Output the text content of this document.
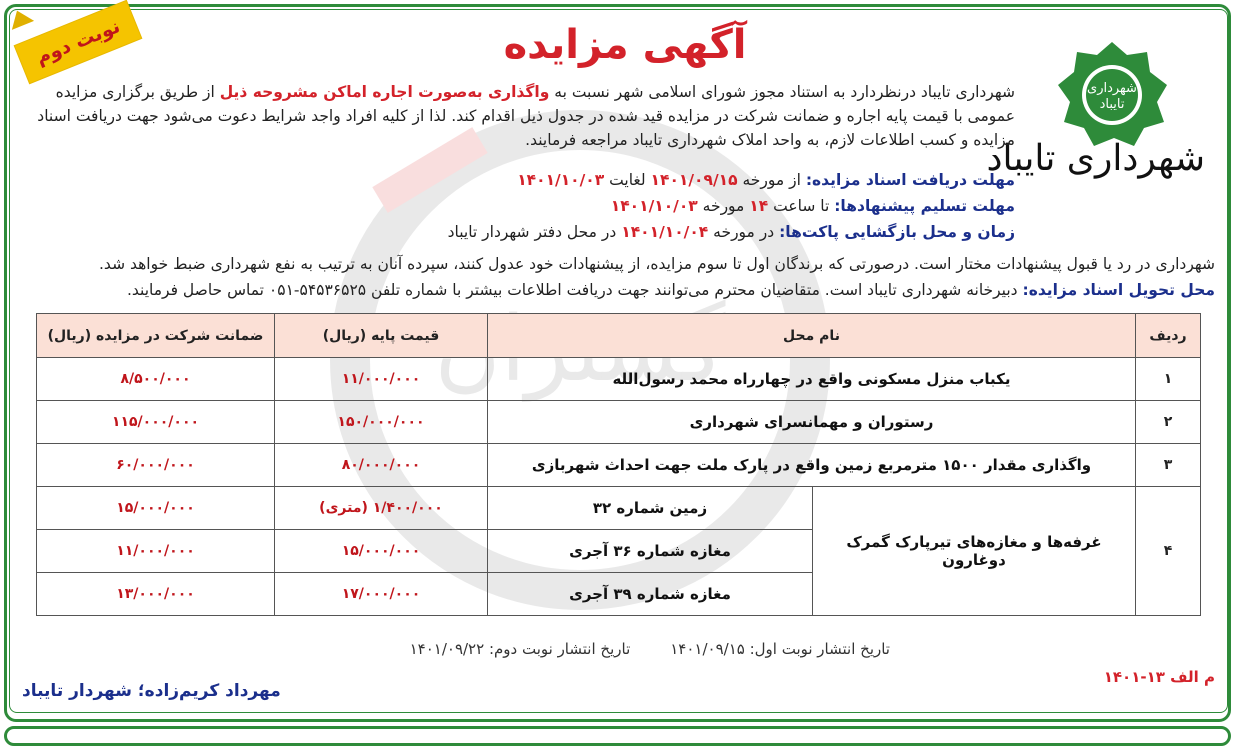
نوبت دوم
شهرداری
تایباد
شهرداری تایباد
آگهی مزایده
شهرداری تایباد درنظردارد به استناد مجوز شورای اسلامی شهر نسبت به واگذاری به‌صورت اجاره اماکن مشروحه ذیل از طریق برگزاری مزایده عمومی با قیمت پایه اجاره و ضمانت شرکت در مزایده قید شده در جدول ذیل اقدام کند. لذا از کلیه افراد واجد شرایط دعوت می‌شود جهت دریافت اسناد مزایده و کسب اطلاعات لازم، به واحد املاک شهرداری تایباد مراجعه فرمایند.
مهلت دریافت اسناد مزایده: از مورخه ۱۴۰۱/۰۹/۱۵ لغایت ۱۴۰۱/۱۰/۰۳
مهلت تسلیم پیشنهادها: تا ساعت ۱۴ مورخه ۱۴۰۱/۱۰/۰۳
زمان و محل بازگشایی پاکت‌ها: در مورخه ۱۴۰۱/۱۰/۰۴ در محل دفتر شهردار تایباد
شهرداری در رد یا قبول پیشنهادات مختار است. درصورتی که برندگان اول تا سوم مزایده، از پیشنهادات خود عدول کنند، سپرده آنان به ترتیب به نفع شهرداری ضبط خواهد شد.
محل تحویل اسناد مزایده: دبیرخانه شهرداری تایباد است. متقاضیان محترم می‌توانند جهت دریافت اطلاعات بیشتر با شماره تلفن ۵۴۵۳۶۵۲۵-۰۵۱ تماس حاصل فرمایند.
ردیف	نام محل		قیمت پایه (ریال)	ضمانت شرکت در مزایده (ریال)
۱	یکباب منزل مسکونی واقع در چهارراه محمد رسول‌الله		۱۱/۰۰۰/۰۰۰	۸/۵۰۰/۰۰۰
۲	رستوران و مهمانسرای شهرداری		۱۵۰/۰۰۰/۰۰۰	۱۱۵/۰۰۰/۰۰۰
۳	واگذاری مقدار ۱۵۰۰ مترمربع زمین واقع در پارک ملت جهت احداث شهربازی		۸۰/۰۰۰/۰۰۰	۶۰/۰۰۰/۰۰۰
۴	غرفه‌ها و مغازه‌های تیرپارک گمرک دوغارون	زمین شماره ۳۲	۱/۴۰۰/۰۰۰ (متری)	۱۵/۰۰۰/۰۰۰
		مغازه شماره ۳۶ آجری	۱۵/۰۰۰/۰۰۰	۱۱/۰۰۰/۰۰۰
		مغازه شماره ۳۹ آجری	۱۷/۰۰۰/۰۰۰	۱۳/۰۰۰/۰۰۰
تاریخ انتشار نوبت اول: ۱۴۰۱/۰۹/۱۵تاریخ انتشار نوبت دوم: ۱۴۰۱/۰۹/۲۲
م الف ۱۳-۱۴۰۱
مهرداد کریم‌زاده؛ شهردار تایباد
